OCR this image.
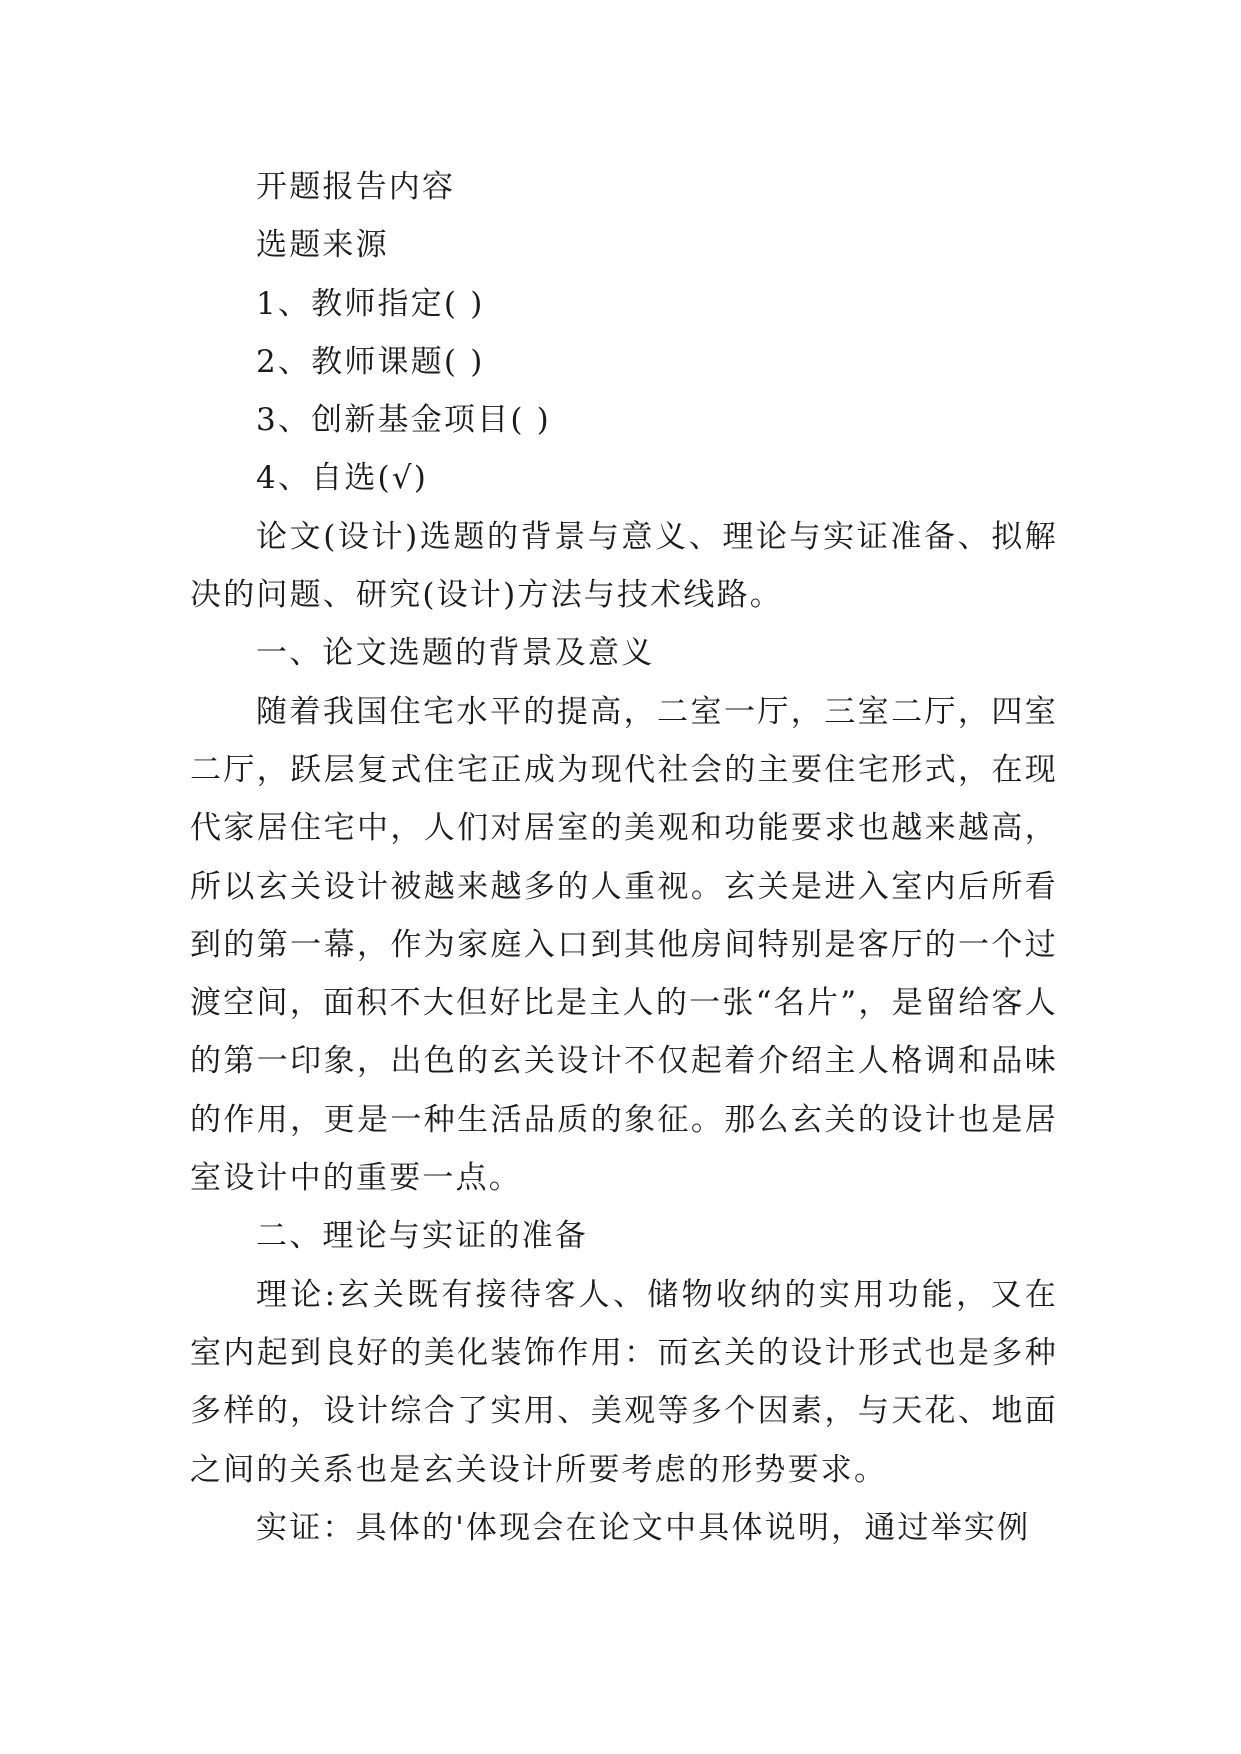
开题报告内容

选题来源

1、教师指定( )

2、教师课题( )

3、创新基金项目( )

4、自选(√)

论文(设计)选题的背景与意义、理论与实证准备、拟解决的问题、研究(设计)方法与技术线路。

一、论文选题的背景及意义

随着我国住宅水平的提高，二室一厅，三室二厅，四室二厅，跃层复式住宅正成为现代社会的主要住宅形式，在现代家居住宅中，人们对居室的美观和功能要求也越来越高，所以玄关设计被越来越多的人重视。玄关是进入室内后所看到的第一幕，作为家庭入口到其他房间特别是客厅的一个过渡空间，面积不大但好比是主人的一张“名片”，是留给客人的第一印象，出色的玄关设计不仅起着介绍主人格调和品味的作用，更是一种生活品质的象征。那么玄关的设计也是居室设计中的重要一点。

二、理论与实证的准备

理论:玄关既有接待客人、储物收纳的实用功能，又在室内起到良好的美化装饰作用：而玄关的设计形式也是多种多样的，设计综合了实用、美观等多个因素，与天花、地面之间的关系也是玄关设计所要考虑的形势要求。

实证：具体的'体现会在论文中具体说明，通过举实例
